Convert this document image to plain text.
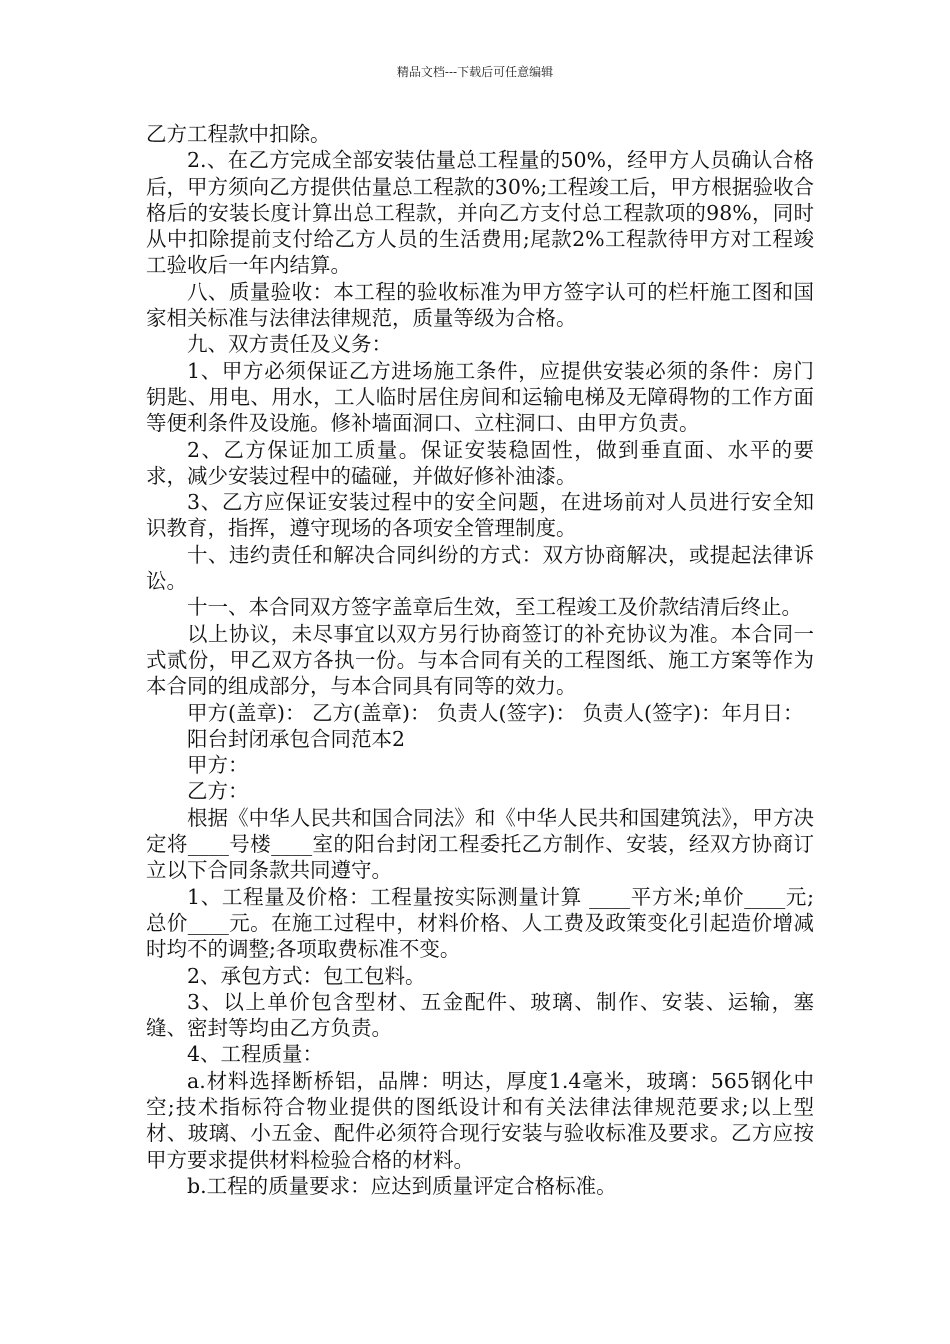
精品文档---下载后可任意编辑

乙方工程款中扣除。

2.、在乙方完成全部安装估量总工程量的50%，经甲方人员确认合格后，甲方须向乙方提供估量总工程款的30%;工程竣工后，甲方根据验收合格后的安装长度计算出总工程款，并向乙方支付总工程款项的98%，同时从中扣除提前支付给乙方人员的生活费用;尾款2%工程款待甲方对工程竣工验收后一年内结算。

八、质量验收：本工程的验收标准为甲方签字认可的栏杆施工图和国家相关标准与法律法律规范，质量等级为合格。

九、双方责任及义务：

1、甲方必须保证乙方进场施工条件，应提供安装必须的条件：房门钥匙、用电、用水，工人临时居住房间和运输电梯及无障碍物的工作方面等便利条件及设施。修补墙面洞口、立柱洞口、由甲方负责。

2、乙方保证加工质量。保证安装稳固性，做到垂直面、水平的要求，减少安装过程中的磕碰，并做好修补油漆。

3、乙方应保证安装过程中的安全问题，在进场前对人员进行安全知识教育，指挥，遵守现场的各项安全管理制度。

十、违约责任和解决合同纠纷的方式：双方协商解决，或提起法律诉讼。

十一、本合同双方签字盖章后生效，至工程竣工及价款结清后终止。

以上协议，未尽事宜以双方另行协商签订的补充协议为准。本合同一式贰份，甲乙双方各执一份。与本合同有关的工程图纸、施工方案等作为本合同的组成部分，与本合同具有同等的效力。

甲方(盖章)： 乙方(盖章)： 负责人(签字)： 负责人(签字)：年月日：

阳台封闭承包合同范本2

甲方：

乙方：

根据《中华人民共和国合同法》和《中华人民共和国建筑法》，甲方决定将____号楼____室的阳台封闭工程委托乙方制作、安装，经双方协商订立以下合同条款共同遵守。

1、工程量及价格：工程量按实际测量计算 ____平方米;单价____元;总价____元。在施工过程中，材料价格、人工费及政策变化引起造价增减时均不的调整;各项取费标准不变。

2、承包方式：包工包料。

3、以上单价包含型材、五金配件、玻璃、制作、安装、运输，塞缝、密封等均由乙方负责。

4、工程质量：

a.材料选择断桥铝，品牌：明达，厚度1.4毫米，玻璃：565钢化中空;技术指标符合物业提供的图纸设计和有关法律法律规范要求;以上型材、玻璃、小五金、配件必须符合现行安装与验收标准及要求。乙方应按甲方要求提供材料检验合格的材料。

b.工程的质量要求：应达到质量评定合格标准。
